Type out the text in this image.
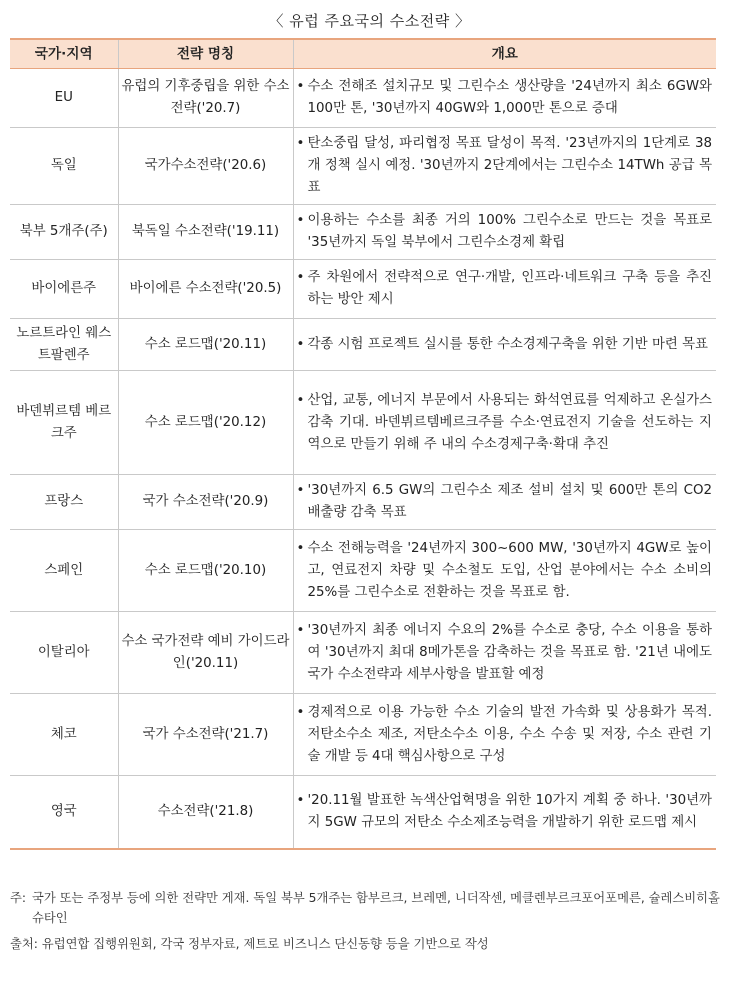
〈 유럽 주요국의 수소전략 〉
국가·지역	전략 명칭	개요
EU	유럽의 기후중립을 위한 수소전략('20.7)	• 수소 전해조 설치규모 및 그린수소 생산량을 '24년까지 최소 6GW와 100만 톤, '30년까지 40GW와 1,000만 톤으로 증대

독일	국가수소전략('20.6)	• 탄소중립 달성, 파리협정 목표 달성이 목적. '23년까지의 1단계로 38개 정책 실시 예정. '30년까지 2단계에서는 그린수소 14TWh 공급 목표

북부 5개주(주)	북독일 수소전략('19.11)	• 이용하는 수소를 최종 거의 100% 그린수소로 만드는 것을 목표로 '35년까지 독일 북부에서 그린수소경제 확립

바이에른주	바이에른 수소전략('20.5)	• 주 차원에서 전략적으로 연구·개발, 인프라·네트워크 구축 등을 추진하는 방안 제시

노르트라인 웨스트팔렌주	수소 로드맵('20.11)	• 각종 시험 프로젝트 실시를 통한 수소경제구축을 위한 기반 마련 목표

바덴뷔르템 베르크주	수소 로드맵('20.12)	• 산업, 교통, 에너지 부문에서 사용되는 화석연료를 억제하고 온실가스 감축 기대. 바덴뷔르템베르크주를 수소·연료전지 기술을 선도하는 지역으로 만들기 위해 주 내의 수소경제구축·확대 추진

프랑스	국가 수소전략('20.9)	• '30년까지 6.5 GW의 그린수소 제조 설비 설치 및 600만 톤의 CO2 배출량 감축 목표

스페인	수소 로드맵('20.10)	• 수소 전해능력을 '24년까지 300~600 MW, '30년까지 4GW로 높이고, 연료전지 차량 및 수소철도 도입, 산업 분야에서는 수소 소비의 25%를 그린수소로 전환하는 것을 목표로 함.

이탈리아	수소 국가전략 예비 가이드라인('20.11)	• '30년까지 최종 에너지 수요의 2%를 수소로 충당, 수소 이용을 통하여 '30년까지 최대 8메가톤을 감축하는 것을 목표로 함. '21년 내에도 국가 수소전략과 세부사항을 발표할 예정

체코	국가 수소전략('21.7)	• 경제적으로 이용 가능한 수소 기술의 발전 가속화 및 상용화가 목적. 저탄소수소 제조, 저탄소수소 이용, 수소 수송 및 저장, 수소 관련 기술 개발 등 4대 핵심사항으로 구성

영국	수소전략('21.8)	• '20.11월 발표한 녹색산업혁명을 위한 10가지 계획 중 하나. '30년까지 5GW 규모의 저탄소 수소제조능력을 개발하기 위한 로드맵 제시
주: 국가 또는 주정부 등에 의한 전략만 게재. 독일 북부 5개주는 함부르크, 브레멘, 니더작센, 메클렌부르크포어포메른, 슐레스비히홀슈타인
출처: 유럽연합 집행위원회, 각국 정부자료, 제트로 비즈니스 단신동향 등을 기반으로 작성
